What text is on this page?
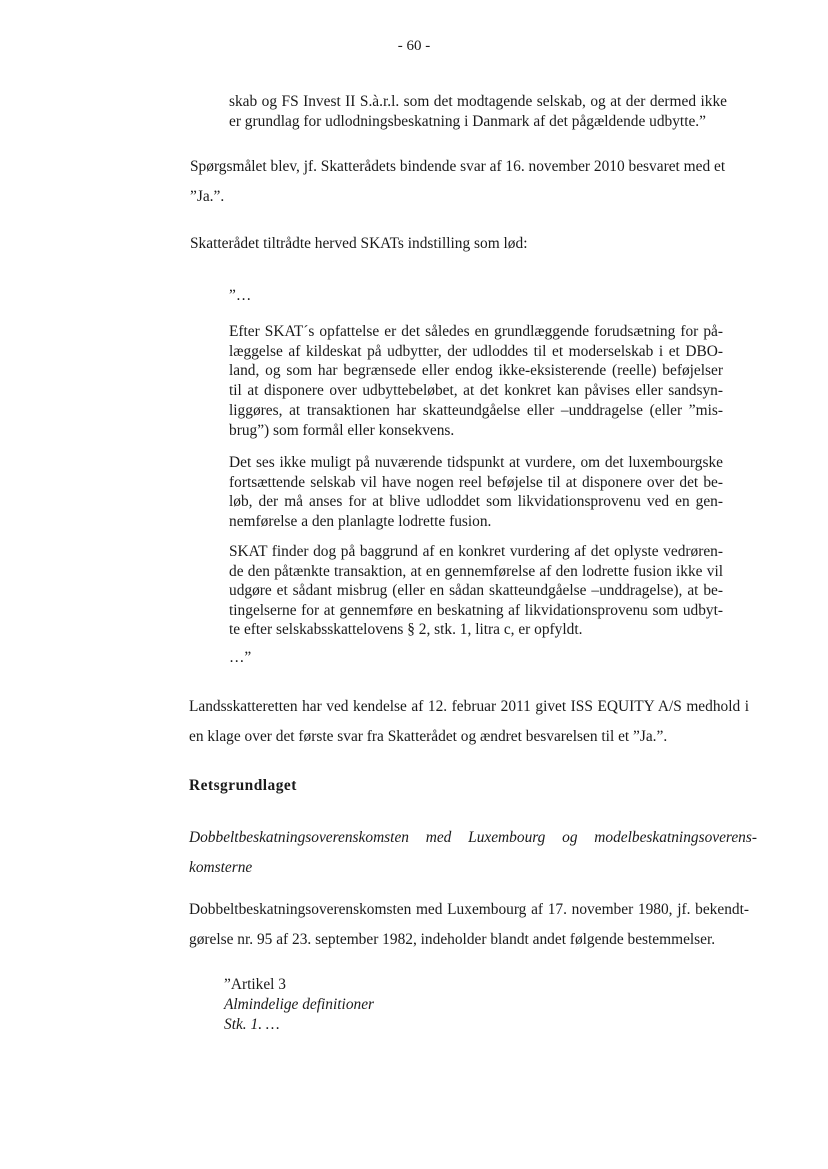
- 60 -
skab og FS Invest II S.à.r.l. som det modtagende selskab, og at der dermed ikke
er grundlag for udlodningsbeskatning i Danmark af det pågældende udbytte.”
Spørgsmålet blev, jf. Skatterådets bindende svar af 16. november 2010 besvaret med et
”Ja.”.
Skatterådet tiltrådte herved SKATs indstilling som lød:
”…
Efter SKAT´s opfattelse er det således en grundlæggende forudsætning for på-
læggelse af kildeskat på udbytter, der udloddes til et moderselskab i et DBO-
land, og som har begrænsede eller endog ikke-eksisterende (reelle) beføjelser
til at disponere over udbyttebeløbet, at det konkret kan påvises eller sandsyn-
liggøres, at transaktionen har skatteundgåelse eller –unddragelse (eller ”mis-
brug”) som formål eller konsekvens.
Det ses ikke muligt på nuværende tidspunkt at vurdere, om det luxembourgske
fortsættende selskab vil have nogen reel beføjelse til at disponere over det be-
løb, der må anses for at blive udloddet som likvidationsprovenu ved en gen-
nemførelse a den planlagte lodrette fusion.
SKAT finder dog på baggrund af en konkret vurdering af det oplyste vedrøren-
de den påtænkte transaktion, at en gennemførelse af den lodrette fusion ikke vil
udgøre et sådant misbrug (eller en sådan skatteundgåelse –unddragelse), at be-
tingelserne for at gennemføre en beskatning af likvidationsprovenu som udbyt-
te efter selskabsskattelovens § 2, stk. 1, litra c, er opfyldt.
…”
Landsskatteretten har ved kendelse af 12. februar 2011 givet ISS EQUITY A/S medhold i
en klage over det første svar fra Skatterådet og ændret besvarelsen til et ”Ja.”.
Retsgrundlaget
Dobbeltbeskatningsoverenskomsten med Luxembourg og modelbeskatningsoverens-
komsterne
Dobbeltbeskatningsoverenskomsten med Luxembourg af 17. november 1980, jf. bekendt-
gørelse nr. 95 af 23. september 1982, indeholder blandt andet følgende bestemmelser.
”Artikel 3
Almindelige definitioner
Stk. 1. …
